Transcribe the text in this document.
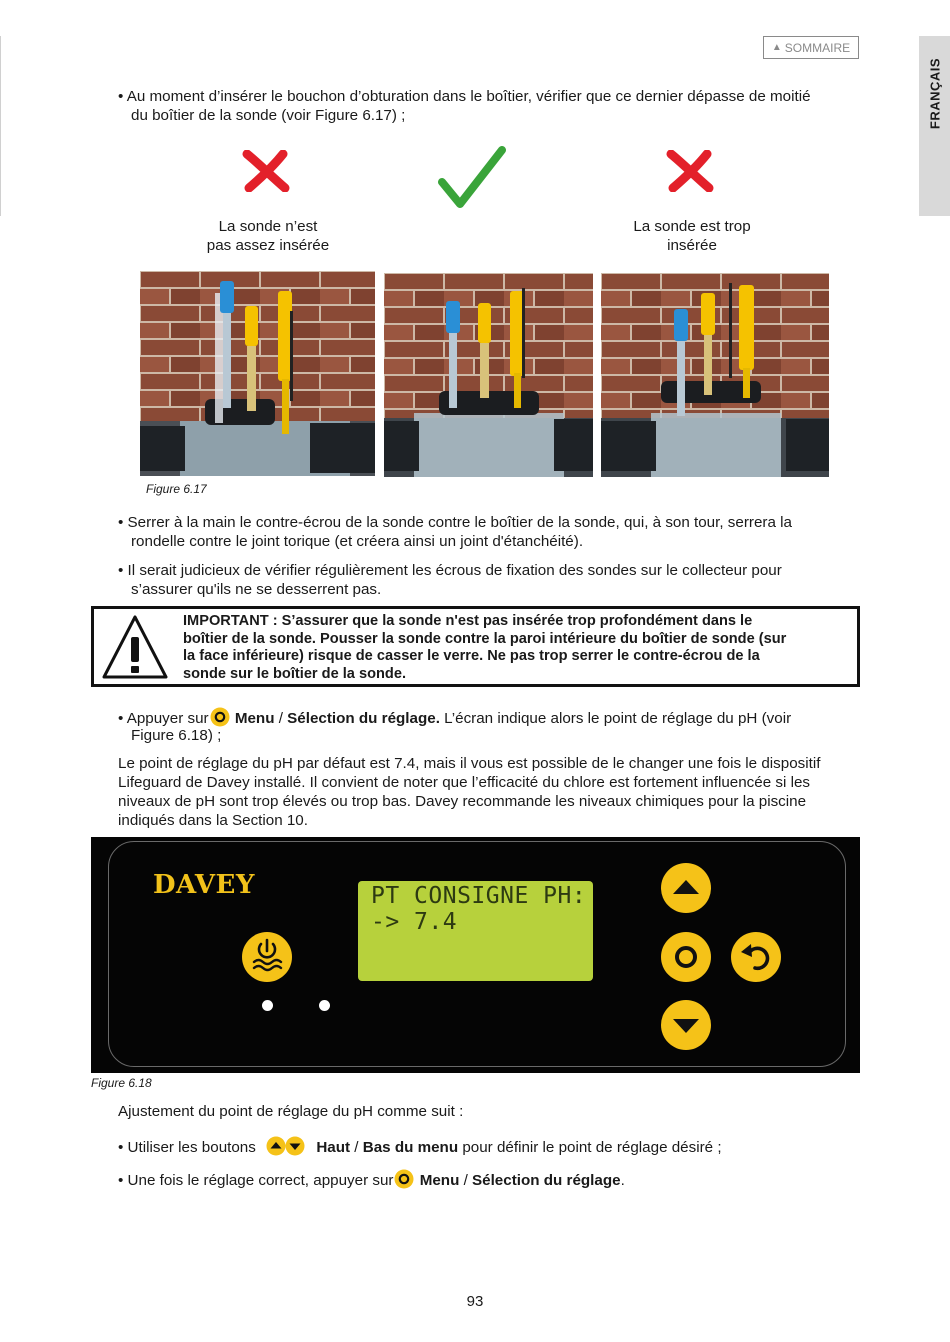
▲ SOMMAIRE
FRANÇAIS
• Au moment d’insérer le bouchon d’obturation dans le boîtier, vérifier que ce dernier dépasse de moitié
du boîtier de la sonde (voir Figure 6.17) ;
La sonde n’est
pas assez insérée
La sonde est trop
insérée
Figure 6.17
• Serrer à la main le contre-écrou de la sonde contre le boîtier de la sonde, qui, à son tour, serrera la
rondelle contre le joint torique (et créera ainsi un joint d'étanchéité).
• Il serait judicieux de vérifier régulièrement les écrous de fixation des sondes sur le collecteur pour
s’assurer qu'ils ne se desserrent pas.
IMPORTANT : S’assurer que la sonde n'est pas insérée trop profondément dans le
boîtier de la sonde. Pousser la sonde contre la paroi intérieure du boîtier de sonde (sur
la face inférieure) risque de casser le verre. Ne pas trop serrer le contre-écrou de la
sonde sur le boîtier de la sonde.
• Appuyer sur Menu / Sélection du réglage. L’écran indique alors le point de réglage du pH (voir
Figure 6.18) ;
Le point de réglage du pH par défaut est 7.4, mais il vous est possible de le changer une fois le dispositif
Lifeguard de Davey installé. Il convient de noter que l’efficacité du chlore est fortement influencée si les
niveaux de pH sont trop élevés ou trop bas. Davey recommande les niveaux chimiques pour la piscine
indiqués dans la Section 10.
DAVEY	PT CONSIGNE PH:
-> 7.4
Figure 6.18
Ajustement du point de réglage du pH comme suit :
• Utiliser les boutons	Haut / Bas du menu pour définir le point de réglage désiré ;
• Une fois le réglage correct, appuyer sur Menu / Sélection du réglage.
93
